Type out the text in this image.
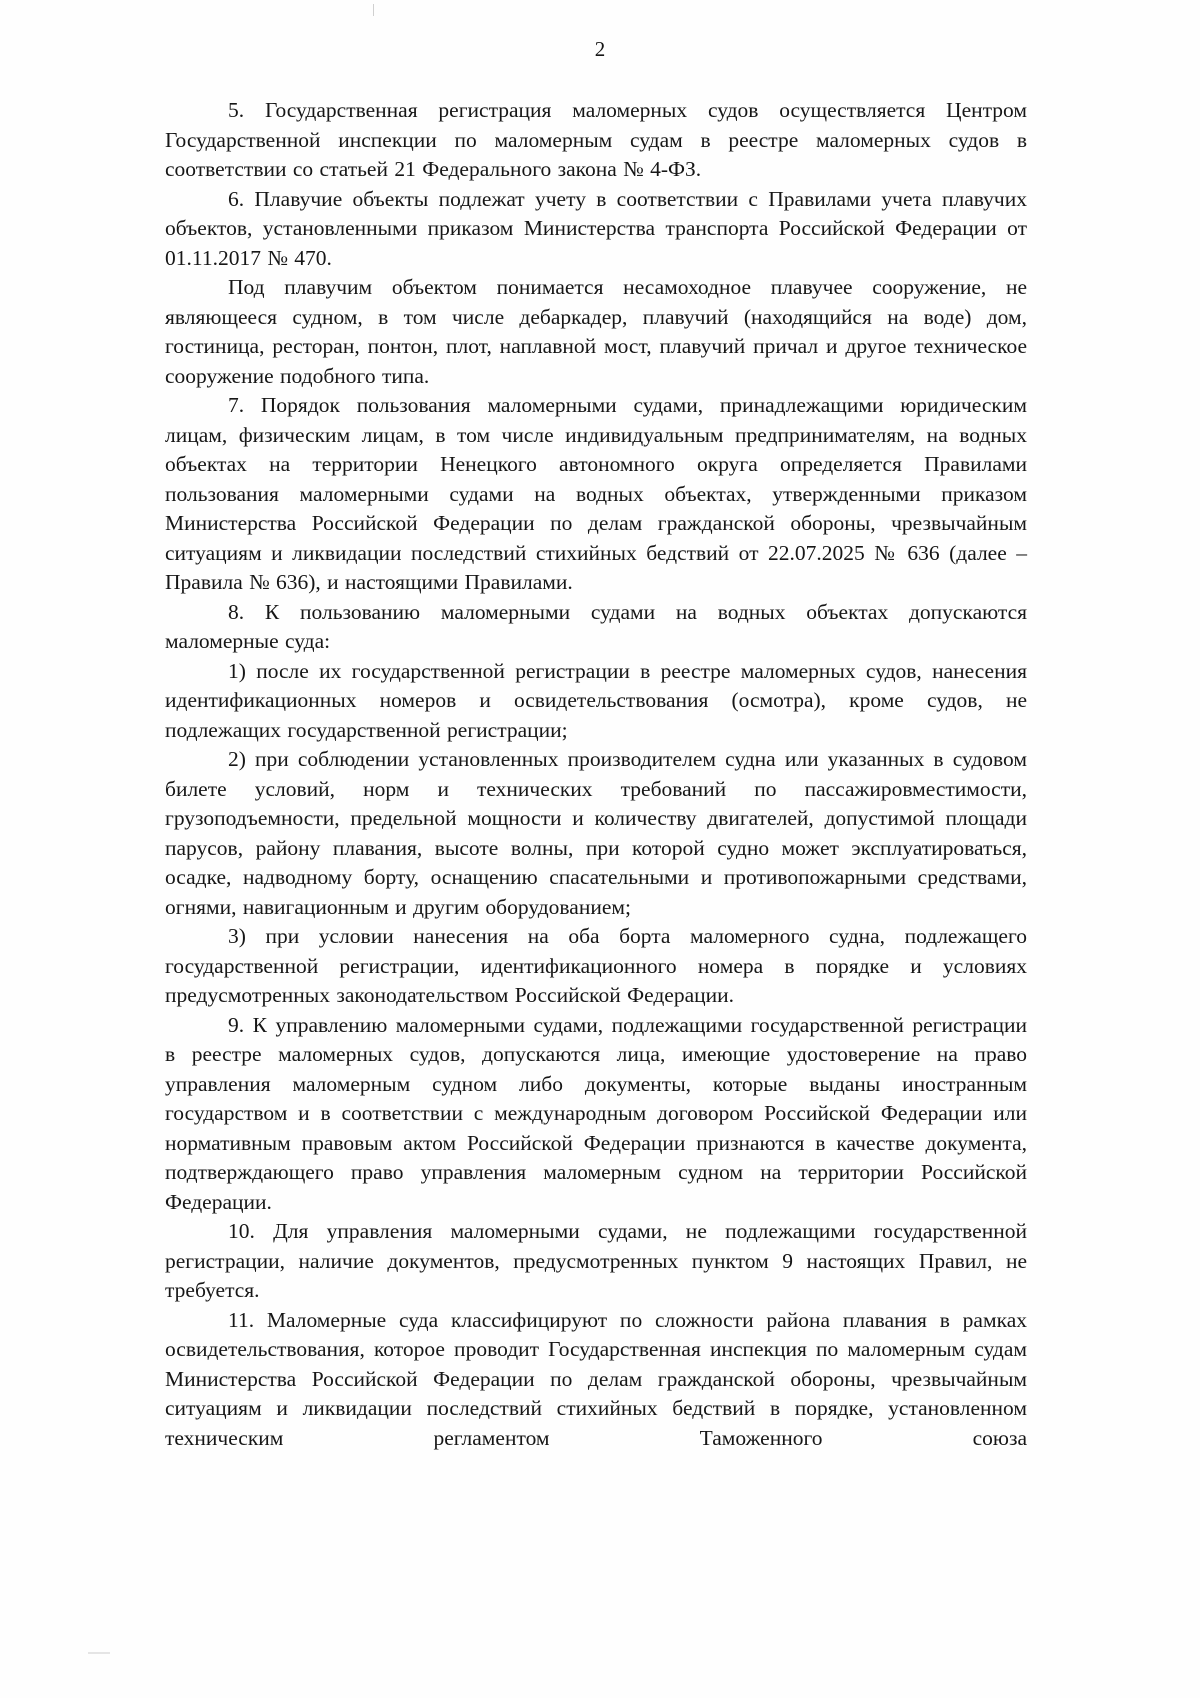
2

5. Государственная регистрация маломерных судов осуществляется Центром Государственной инспекции по маломерным судам в реестре маломерных судов в соответствии со статьей 21 Федерального закона № 4-ФЗ.

6. Плавучие объекты подлежат учету в соответствии с Правилами учета плавучих объектов, установленными приказом Министерства транспорта Российской Федерации от 01.11.2017 № 470.

Под плавучим объектом понимается несамоходное плавучее сооружение, не являющееся судном, в том числе дебаркадер, плавучий (находящийся на воде) дом, гостиница, ресторан, понтон, плот, наплавной мост, плавучий причал и другое техническое сооружение подобного типа.

7. Порядок пользования маломерными судами, принадлежащими юридическим лицам, физическим лицам, в том числе индивидуальным предпринимателям, на водных объектах на территории Ненецкого автономного округа определяется Правилами пользования маломерными судами на водных объектах, утвержденными приказом Министерства Российской Федерации по делам гражданской обороны, чрезвычайным ситуациям и ликвидации последствий стихийных бедствий от 22.07.2025 № 636 (далее – Правила № 636), и настоящими Правилами.

8. К пользованию маломерными судами на водных объектах допускаются маломерные суда:

1) после их государственной регистрации в реестре маломерных судов, нанесения идентификационных номеров и освидетельствования (осмотра), кроме судов, не подлежащих государственной регистрации;

2) при соблюдении установленных производителем судна или указанных в судовом билете условий, норм и технических требований по пассажировместимости, грузоподъемности, предельной мощности и количеству двигателей, допустимой площади парусов, району плавания, высоте волны, при которой судно может эксплуатироваться, осадке, надводному борту, оснащению спасательными и противопожарными средствами, огнями, навигационным и другим оборудованием;

3) при условии нанесения на оба борта маломерного судна, подлежащего государственной регистрации, идентификационного номера в порядке и условиях предусмотренных законодательством Российской Федерации.

9. К управлению маломерными судами, подлежащими государственной регистрации в реестре маломерных судов, допускаются лица, имеющие удостоверение на право управления маломерным судном либо документы, которые выданы иностранным государством и в соответствии с международным договором Российской Федерации или нормативным правовым актом Российской Федерации признаются в качестве документа, подтверждающего право управления маломерным судном на территории Российской Федерации.

10. Для управления маломерными судами, не подлежащими государственной регистрации, наличие документов, предусмотренных пунктом 9 настоящих Правил, не требуется.

11. Маломерные суда классифицируют по сложности района плавания в рамках освидетельствования, которое проводит Государственная инспекция по маломерным судам Министерства Российской Федерации по делам гражданской обороны, чрезвычайным ситуациям и ликвидации последствий стихийных бедствий в порядке, установленном техническим регламентом Таможенного союза
